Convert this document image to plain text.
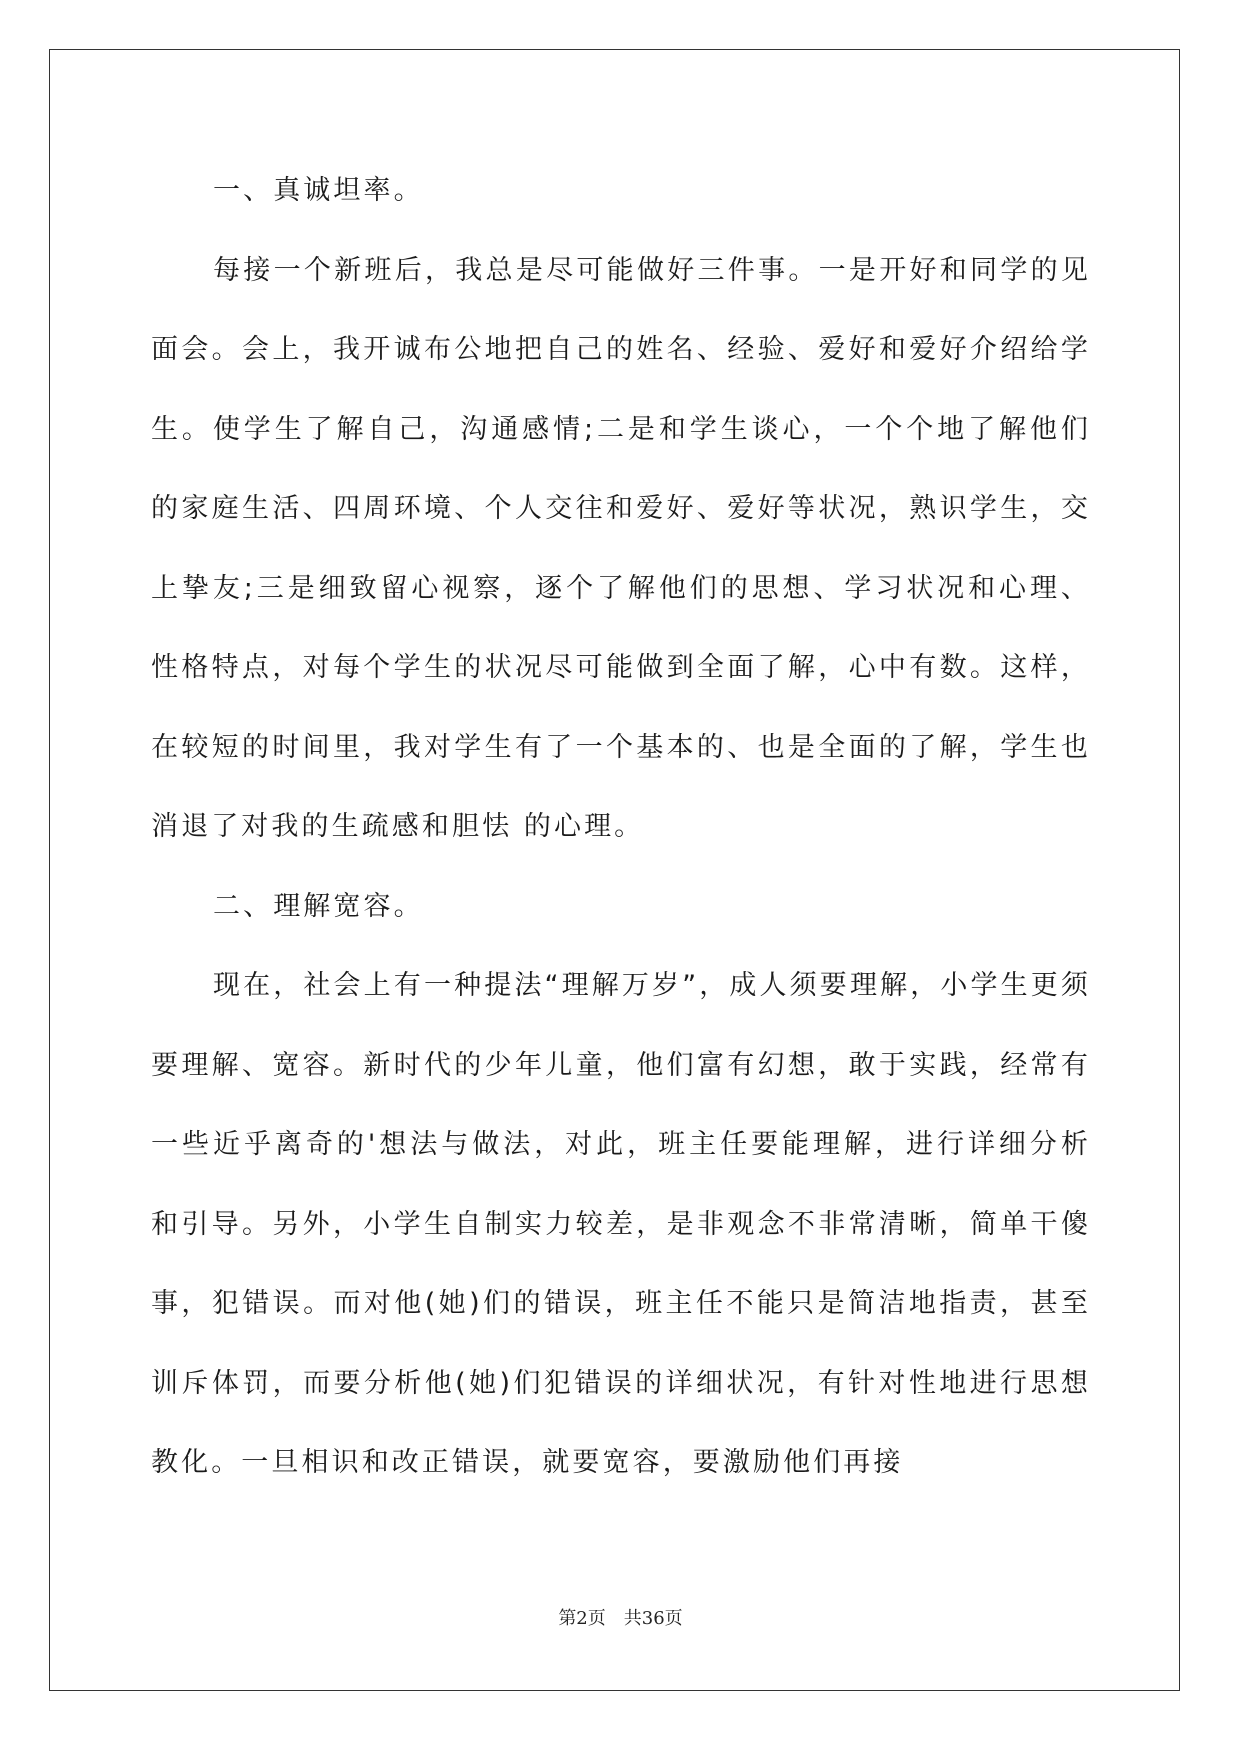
一、真诚坦率。

每接一个新班后，我总是尽可能做好三件事。一是开好和同学的见面会。会上，我开诚布公地把自己的姓名、经验、爱好和爱好介绍给学生。使学生了解自己，沟通感情;二是和学生谈心，一个个地了解他们的家庭生活、四周环境、个人交往和爱好、爱好等状况，熟识学生，交上挚友;三是细致留心视察，逐个了解他们的思想、学习状况和心理、性格特点，对每个学生的状况尽可能做到全面了解，心中有数。这样，在较短的时间里，我对学生有了一个基本的、也是全面的了解，学生也消退了对我的生疏感和胆怯 的心理。

二、理解宽容。

现在，社会上有一种提法“理解万岁”，成人须要理解，小学生更须要理解、宽容。新时代的少年儿童，他们富有幻想，敢于实践，经常有一些近乎离奇的'想法与做法，对此，班主任要能理解，进行详细分析和引导。另外，小学生自制实力较差，是非观念不非常清晰，简单干傻事，犯错误。而对他(她)们的错误，班主任不能只是简洁地指责，甚至训斥体罚，而要分析他(她)们犯错误的详细状况，有针对性地进行思想教化。一旦相识和改正错误，就要宽容，要激励他们再接

第2页 共36页
